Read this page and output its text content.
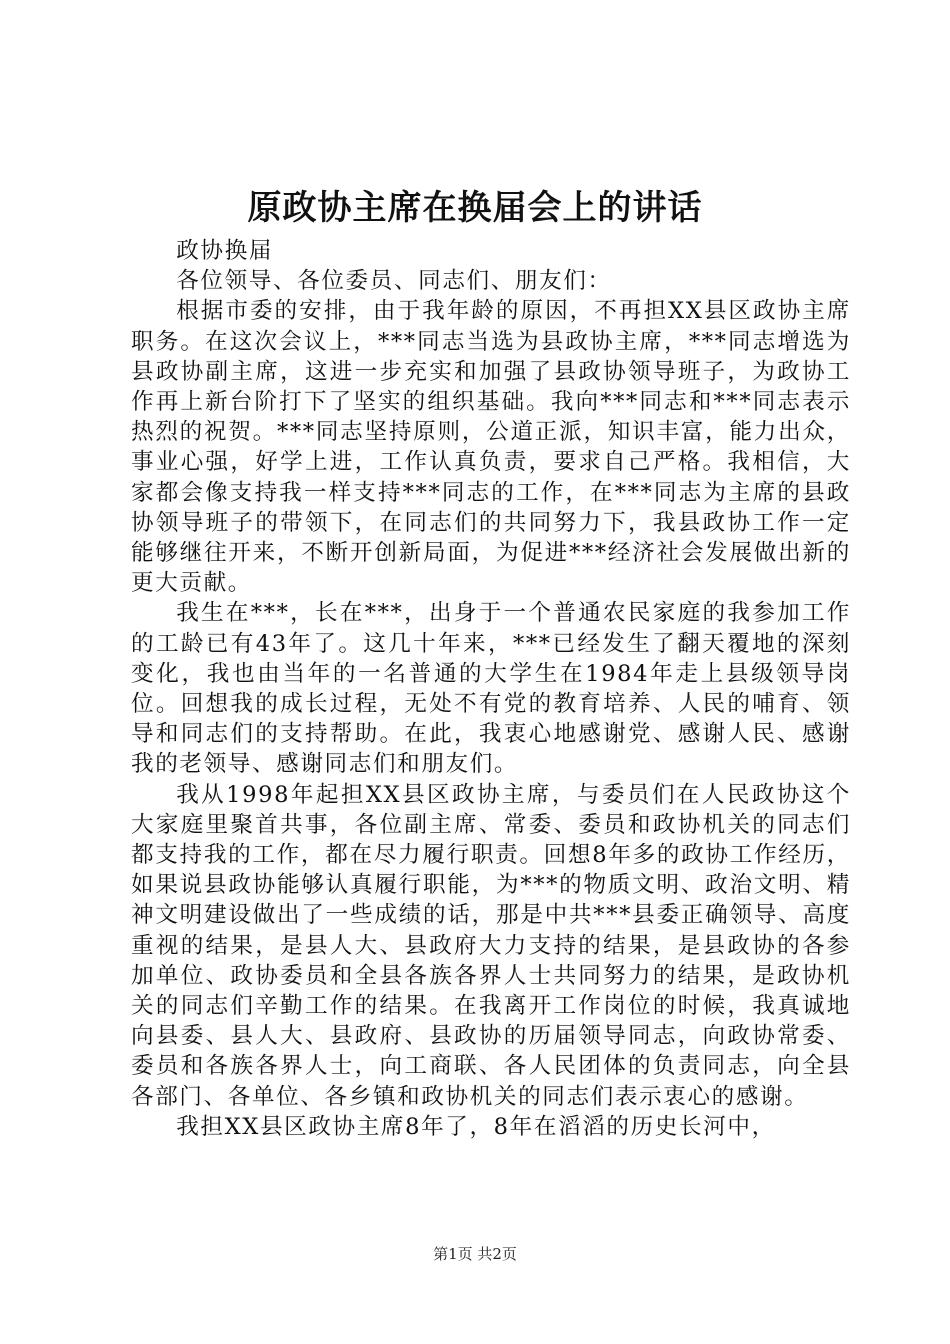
原政协主席在换届会上的讲话

政协换届

各位领导、各位委员、同志们、朋友们：

根据市委的安排，由于我年龄的原因，不再担XX县区政协主席职务。在这次会议上，***同志当选为县政协主席，***同志增选为县政协副主席，这进一步充实和加强了县政协领导班子，为政协工作再上新台阶打下了坚实的组织基础。我向***同志和***同志表示热烈的祝贺。***同志坚持原则，公道正派，知识丰富，能力出众，事业心强，好学上进，工作认真负责，要求自己严格。我相信，大家都会像支持我一样支持***同志的工作，在***同志为主席的县政协领导班子的带领下，在同志们的共同努力下，我县政协工作一定能够继往开来，不断开创新局面，为促进***经济社会发展做出新的更大贡献。

我生在***，长在***，出身于一个普通农民家庭的我参加工作的工龄已有43年了。这几十年来，***已经发生了翻天覆地的深刻变化，我也由当年的一名普通的大学生在1984年走上县级领导岗位。回想我的成长过程，无处不有党的教育培养、人民的哺育、领导和同志们的支持帮助。在此，我衷心地感谢党、感谢人民、感谢我的老领导、感谢同志们和朋友们。

我从1998年起担XX县区政协主席，与委员们在人民政协这个大家庭里聚首共事，各位副主席、常委、委员和政协机关的同志们都支持我的工作，都在尽力履行职责。回想8年多的政协工作经历，如果说县政协能够认真履行职能，为***的物质文明、政治文明、精神文明建设做出了一些成绩的话，那是中共***县委正确领导、高度重视的结果，是县人大、县政府大力支持的结果，是县政协的各参加单位、政协委员和全县各族各界人士共同努力的结果，是政协机关的同志们辛勤工作的结果。在我离开工作岗位的时候，我真诚地向县委、县人大、县政府、县政协的历届领导同志，向政协常委、委员和各族各界人士，向工商联、各人民团体的负责同志，向全县各部门、各单位、各乡镇和政协机关的同志们表示衷心的感谢。

我担XX县区政协主席8年了，8年在滔滔的历史长河中，

第1页 共2页
